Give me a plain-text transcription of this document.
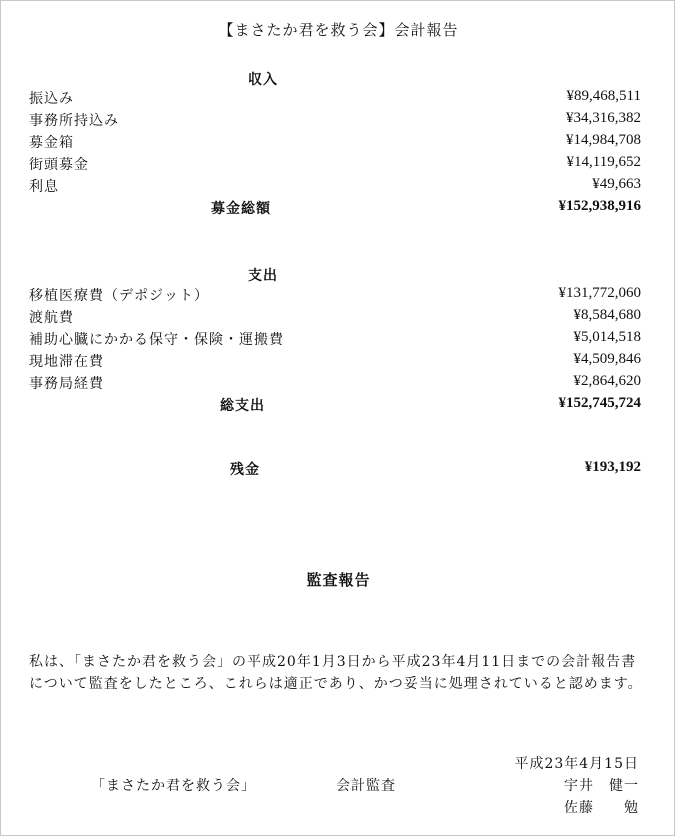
【まさたか君を救う会】会計報告
収入
振込み	¥89,468,511
事務所持込み	¥34,316,382
募金箱	¥14,984,708
街頭募金	¥14,119,652
利息	¥49,663
募金総額	¥152,938,916
支出
移植医療費（デポジット）	¥131,772,060
渡航費	¥8,584,680
補助心臓にかかる保守・保険・運搬費	¥5,014,518
現地滞在費	¥4,509,846
事務局経費	¥2,864,620
総支出	¥152,745,724
残金	¥193,192
監査報告

私は、「まさたか君を救う会」の平成20年1月3日から平成23年4月11日までの会計報告書について監査をしたところ、これらは適正であり、かつ妥当に処理されていると認めます。

平成23年4月15日
「まさたか君を救う会」	会計監査	宇井　健一
佐藤　　勉
